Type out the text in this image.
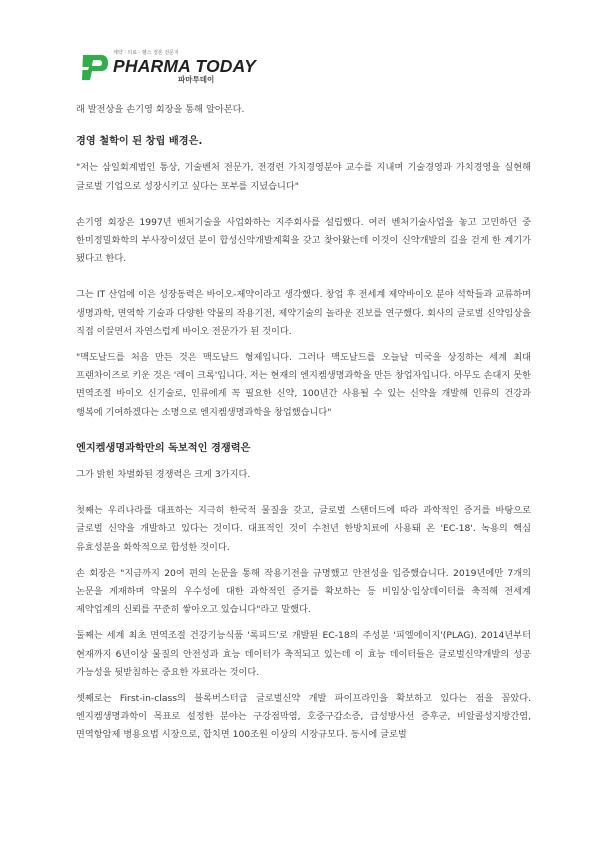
제약 · 의료 · 헬스 정론 전문지
PHARMA TODAY
파마투데이

래 발전상을 손기영 회장을 통해 알아본다.

경영 철학이 된 창립 배경은.

"저는 삼일회계법인 통상, 기술벤처 전문가, 전경련 가치경영분야 교수를 지내며 기술경영과 가치경영을 실현해 글로벌 기업으로 성장시키고 싶다는 포부를 지녔습니다"

손기영 회장은 1997년 벤처기술을 사업화하는 지주회사를 설립했다. 여러 벤처기술사업을 놓고 고민하던 중 한미정밀화학의 부사장이셨던 분이 합성신약개발계획을 갖고 찾아왔는데 이것이 신약개발의 길을 걷게 한 계기가 됐다고 한다.

그는 IT 산업에 이은 성장동력은 바이오-제약이라고 생각했다. 창업 후 전세계 제약바이오 분야 석학들과 교류하며 생명과학, 면역학 기술과 다양한 약물의 작용기전, 제약기술의 놀라운 진보를 연구했다. 회사의 글로벌 신약임상을 직접 이끌면서 자연스럽게 바이오 전문가가 된 것이다.

"맥도날드를 처음 만든 것은 맥도날드 형제입니다. 그러나 맥도날드를 오늘날 미국을 상징하는 세계 최대 프랜차이즈로 키운 것은 '레이 크록'입니다. 저는 현재의 엔지켐생명과학을 만든 창업자입니다. 아무도 손대지 못한 면역조절 바이오 신기술로, 인류에게 꼭 필요한 신약, 100년간 사용될 수 있는 신약을 개발해 인류의 건강과 행복에 기여하겠다는 소명으로 엔지켐생명과학을 창업했습니다"

엔지켐생명과학만의 독보적인 경쟁력은

그가 밝힌 차별화된 경쟁력은 크게 3가지다.

첫째는 우리나라를 대표하는 지극히 한국적 물질을 갖고, 글로벌 스탠더드에 따라 과학적인 증거를 바탕으로 글로벌 신약을 개발하고 있다는 것이다. 대표적인 것이 수천년 한방치료에 사용돼 온 'EC-18'. 녹용의 핵심 유효성분을 화학적으로 합성한 것이다.

손 회장은 "지금까지 20여 편의 논문을 통해 작용기전을 규명했고 안전성을 입증했습니다. 2019년에만 7개의 논문을 게재하며 약물의 우수성에 대한 과학적인 증거를 확보하는 등 비임상·임상데이터를 축적해 전세계 제약업계의 신뢰를 꾸준히 쌓아오고 있습니다"라고 말했다.

둘째는 세계 최초 면역조절 건강기능식품 '록피드'로 개발된 EC-18의 주성분 '피엘에이지'(PLAG). 2014년부터 현재까지 6년이상 물질의 안전성과 효능 데이터가 축적되고 있는데 이 효능 데이터들은 글로벌신약개발의 성공 가능성을 뒷받침하는 중요한 자료라는 것이다.

셋째로는 First-in-class의 블록버스터급 글로벌신약 개발 파이프라인을 확보하고 있다는 점을 꼽았다. 엔지켐생명과학이 목표로 설정한 분야는 구강점막염, 호중구감소증, 급성방사선 증후군, 비알콜성지방간염, 면역항암제 병용요법 시장으로, 합치면 100조원 이상의 시장규모다. 동시에 글로벌
